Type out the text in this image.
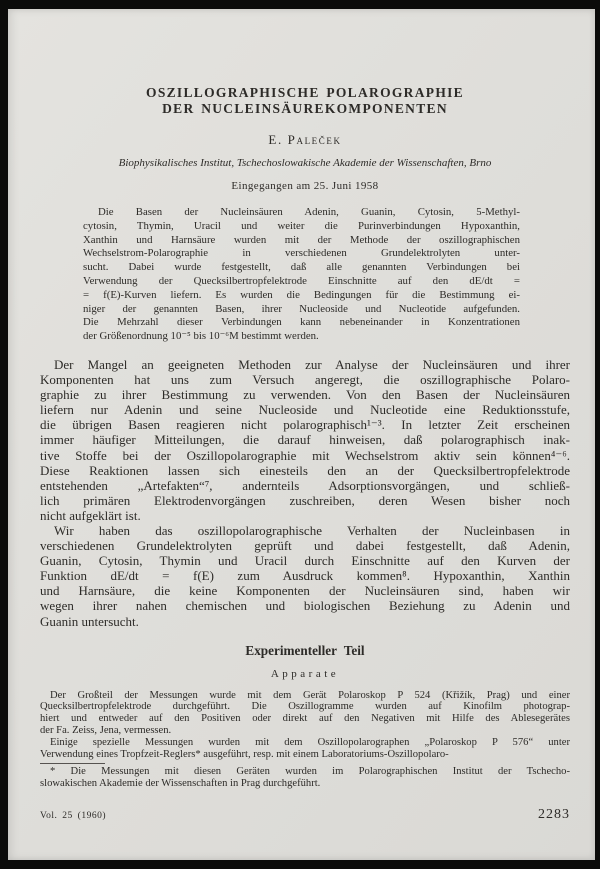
OSZILLOGRAPHISCHE POLAROGRAPHIE
DER NUCLEINSÄUREKOMPONENTEN
E. Paleček
Biophysikalisches Institut, Tschechoslowakische Akademie der Wissenschaften, Brno
Eingegangen am 25. Juni 1958
Die Basen der Nucleinsäuren Adenin, Guanin, Cytosin, 5-Methyl-
cytosin, Thymin, Uracil und weiter die Purinverbindungen Hypoxanthin,
Xanthin und Harnsäure wurden mit der Methode der oszillographischen
Wechselstrom-Polarographie in verschiedenen Grundelektrolyten unter-
sucht. Dabei wurde festgestellt, daß alle genannten Verbindungen bei
Verwendung der Quecksilbertropfelektrode Einschnitte auf den dE/dt =
= f(E)-Kurven liefern. Es wurden die Bedingungen für die Bestimmung ei-
niger der genannten Basen, ihrer Nucleoside und Nucleotide aufgefunden.
Die Mehrzahl dieser Verbindungen kann nebeneinander in Konzentrationen
der Größenordnung 10⁻⁵ bis 10⁻⁶M bestimmt werden.
Der Mangel an geeigneten Methoden zur Analyse der Nucleinsäuren und ihrer
Komponenten hat uns zum Versuch angeregt, die oszillographische Polaro-
graphie zu ihrer Bestimmung zu verwenden. Von den Basen der Nucleinsäuren
liefern nur Adenin und seine Nucleoside und Nucleotide eine Reduktionsstufe,
die übrigen Basen reagieren nicht polarographisch¹⁻³. In letzter Zeit erscheinen
immer häufiger Mitteilungen, die darauf hinweisen, daß polarographisch inak-
tive Stoffe bei der Oszillopolarographie mit Wechselstrom aktiv sein können⁴⁻⁶.
Diese Reaktionen lassen sich einesteils den an der Quecksilbertropfelektrode
entstehenden „Artefakten“⁷, andernteils Adsorptionsvorgängen, und schließ-
lich primären Elektrodenvorgängen zuschreiben, deren Wesen bisher noch
nicht aufgeklärt ist.
Wir haben das oszillopolarographische Verhalten der Nucleinbasen in
verschiedenen Grundelektrolyten geprüft und dabei festgestellt, daß Adenin,
Guanin, Cytosin, Thymin und Uracil durch Einschnitte auf den Kurven der
Funktion dE/dt = f(E) zum Ausdruck kommen⁸. Hypoxanthin, Xanthin
und Harnsäure, die keine Komponenten der Nucleinsäuren sind, haben wir
wegen ihrer nahen chemischen und biologischen Beziehung zu Adenin und
Guanin untersucht.
Experimenteller Teil
Apparate
Der Großteil der Messungen wurde mit dem Gerät Polaroskop P 524 (Křižík, Prag) und einer
Quecksilbertropfelektrode durchgeführt. Die Oszillogramme wurden auf Kinofilm photograp-
hiert und entweder auf den Positiven oder direkt auf den Negativen mit Hilfe des Ablesegerätes
der Fa. Zeiss, Jena, vermessen.
Einige spezielle Messungen wurden mit dem Oszillopolarographen „Polaroskop P 576“ unter
Verwendung eines Tropfzeit-Reglers* ausgeführt, resp. mit einem Laboratoriums-Oszillopolaro-
* Die Messungen mit diesen Geräten wurden im Polarographischen Institut der Tschecho-
slowakischen Akademie der Wissenschaften in Prag durchgeführt.
Vol. 25 (1960)	2283
